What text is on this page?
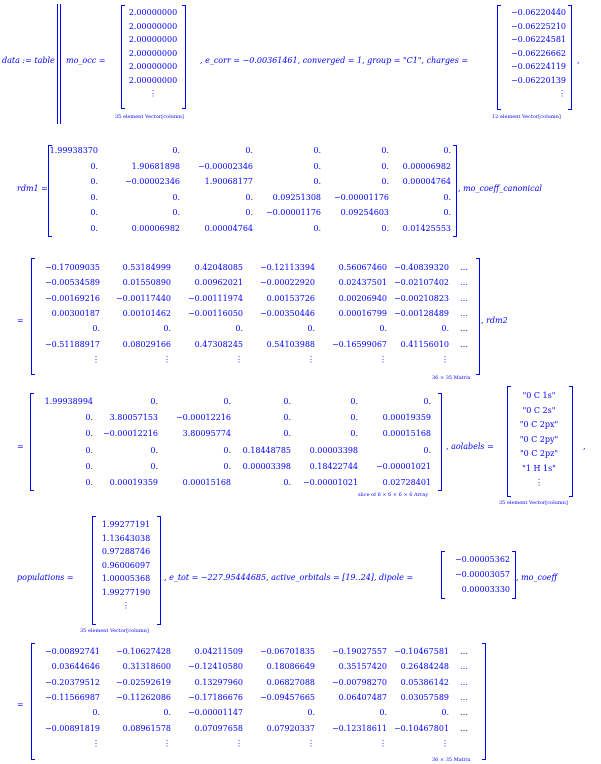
data := table mo_occ =
2.00000000
2.00000000
2.00000000
2.00000000
2.00000000
2.00000000
⋮
35 element Vector[column]
, e_corr = −0.00361461, converged = 1, group = "C1", charges =
−0.06220440
−0.06225210
−0.06224581
−0.06226662
−0.06224119
−0.06220139
⋮
12 element Vector[column]
,
rdm1 =
1.99938370	0.	0.	0.	0.	0.
0.	1.90681898	−0.00002346	0.	0.	0.00006982
0.	−0.00002346	1.90068177	0.	0.	0.00004764
0.	0.	0.	0.09251308	−0.00001176	0.
0.	0.	0.	−0.00001176	0.09254603	0.
0.	0.00006982	0.00004764	0.	0.	0.01425553
, mo_coeff_canonical
=
−0.17009035	0.53184999	0.42048085	−0.12113394	0.56067460 −0.40839320	…
−0.00534589	0.01550890	0.00962021	−0.00022920	0.02437501 −0.02107402	…
−0.00169216	−0.00117440	−0.00111974	0.00153726	0.00206940 −0.00210823	…
0.00300187	0.00101462	−0.00116050	−0.00350446	0.00016799 −0.00128489	…
0.	0.	0.	0.	0.	0.	…
−0.51188917	0.08029166	0.47308245	0.54103988	−0.16599067	0.41156010	…
⋮	⋮	⋮	⋮	⋮	⋮
36 × 35 Matrix
, rdm2
=
1.99938994	0.	0.	0.	0.	0.
0.	3.80057153	−0.00012216	0.	0.	0.00019359
0.	−0.00012216	3.80095774	0.	0.	0.00015168
0.	0.	0.	0.18448785	0.00003398	0.
0.	0.	0.	0.00003398	0.18422744	−0.00001021
0.	0.00019359	0.00015168	0.	−0.00001021	0.02728401
slice of 6 × 6 × 6 × 6 Array
, aolabels =
"0 C 1s"
"0 C 2s"
"0 C 2px"
"0 C 2py"
"0 C 2pz"
"1 H 1s"
⋮
35 element Vector[column]
,
populations =
1.99277191
1.13643038
0.97288746
0.96006097
1.00005368
1.99277190
⋮
35 element Vector[column]
, e_tot = −227.95444685, active_orbitals = [19..24], dipole =
−0.00005362
−0.00003057
0.00003330
, mo_coeff
=
−0.00892741	−0.10627428	0.04211509	−0.06701835	−0.19027557 −0.10467581	…
0.03644646	0.31318600	−0.12410580	0.18086649	0.35157420	0.26484248	…
−0.20379512	−0.02592619	0.13297960	0.06827088	−0.00798270	0.05386142	…
−0.11566987	−0.11262086	−0.17186676	−0.09457665	0.06407487	0.03057589	…
0.	0.	−0.00001147	0.	0.	0.	…
−0.00891819	0.08961578	0.07097658	0.07920337	−0.12318611 −0.10467801	…
⋮	⋮	⋮	⋮	⋮	⋮
36 × 35 Matrix
